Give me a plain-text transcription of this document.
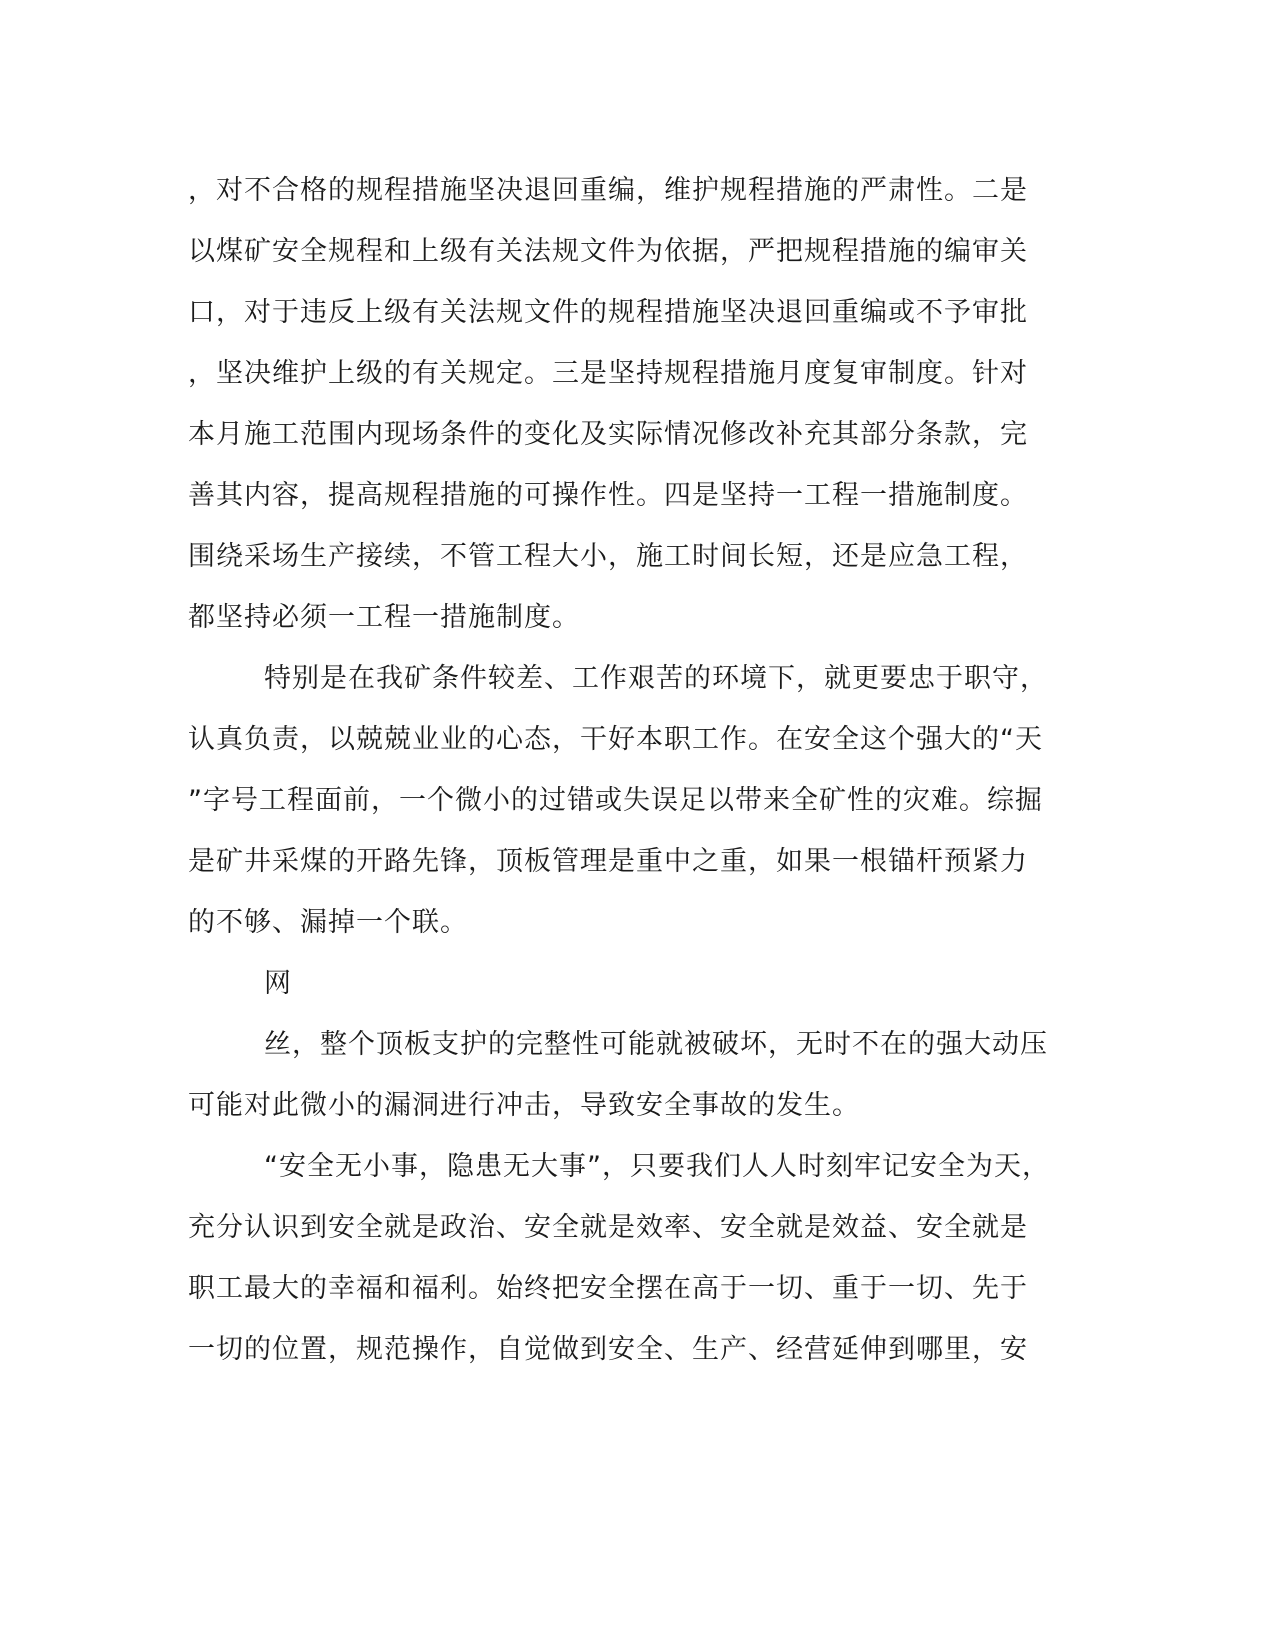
，对不合格的规程措施坚决退回重编，维护规程措施的严肃性。二是
以煤矿安全规程和上级有关法规文件为依据，严把规程措施的编审关
口，对于违反上级有关法规文件的规程措施坚决退回重编或不予审批
，坚决维护上级的有关规定。三是坚持规程措施月度复审制度。针对
本月施工范围内现场条件的变化及实际情况修改补充其部分条款，完
善其内容，提高规程措施的可操作性。四是坚持一工程一措施制度。
围绕采场生产接续，不管工程大小，施工时间长短，还是应急工程，
都坚持必须一工程一措施制度。
特别是在我矿条件较差、工作艰苦的环境下，就更要忠于职守，
认真负责，以兢兢业业的心态，干好本职工作。在安全这个强大的“天
”字号工程面前，一个微小的过错或失误足以带来全矿性的灾难。综掘
是矿井采煤的开路先锋，顶板管理是重中之重，如果一根锚杆预紧力
的不够、漏掉一个联。
网
丝，整个顶板支护的完整性可能就被破坏，无时不在的强大动压
可能对此微小的漏洞进行冲击，导致安全事故的发生。
“安全无小事，隐患无大事”，只要我们人人时刻牢记安全为天，
充分认识到安全就是政治、安全就是效率、安全就是效益、安全就是
职工最大的幸福和福利。始终把安全摆在高于一切、重于一切、先于
一切的位置，规范操作，自觉做到安全、生产、经营延伸到哪里，安
